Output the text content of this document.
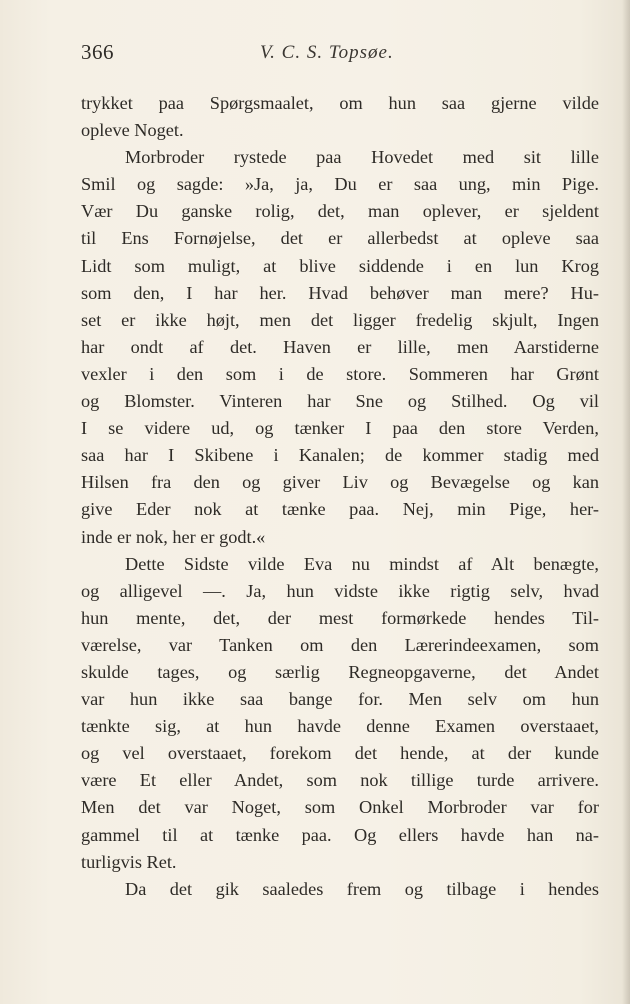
366	V. C. S. Topsøe.
trykket paa Spørgsmaalet, om hun saa gjerne vilde
opleve Noget.
Morbroder rystede paa Hovedet med sit lille
Smil og sagde: »Ja, ja, Du er saa ung, min Pige.
Vær Du ganske rolig, det, man oplever, er sjeldent
til Ens Fornøjelse, det er allerbedst at opleve saa
Lidt som muligt, at blive siddende i en lun Krog
som den, I har her. Hvad behøver man mere? Hu-
set er ikke højt, men det ligger fredelig skjult, Ingen
har ondt af det. Haven er lille, men Aarstiderne
vexler i den som i de store. Sommeren har Grønt
og Blomster. Vinteren har Sne og Stilhed. Og vil
I se videre ud, og tænker I paa den store Verden,
saa har I Skibene i Kanalen; de kommer stadig med
Hilsen fra den og giver Liv og Bevægelse og kan
give Eder nok at tænke paa. Nej, min Pige, her-
inde er nok, her er godt.«
Dette Sidste vilde Eva nu mindst af Alt benægte,
og alligevel —. Ja, hun vidste ikke rigtig selv, hvad
hun mente, det, der mest formørkede hendes Til-
værelse, var Tanken om den Lærerindeexamen, som
skulde tages, og særlig Regneopgaverne, det Andet
var hun ikke saa bange for. Men selv om hun
tænkte sig, at hun havde denne Examen overstaaet,
og vel overstaaet, forekom det hende, at der kunde
være Et eller Andet, som nok tillige turde arrivere.
Men det var Noget, som Onkel Morbroder var for
gammel til at tænke paa. Og ellers havde han na-
turligvis Ret.
Da det gik saaledes frem og tilbage i hendes
